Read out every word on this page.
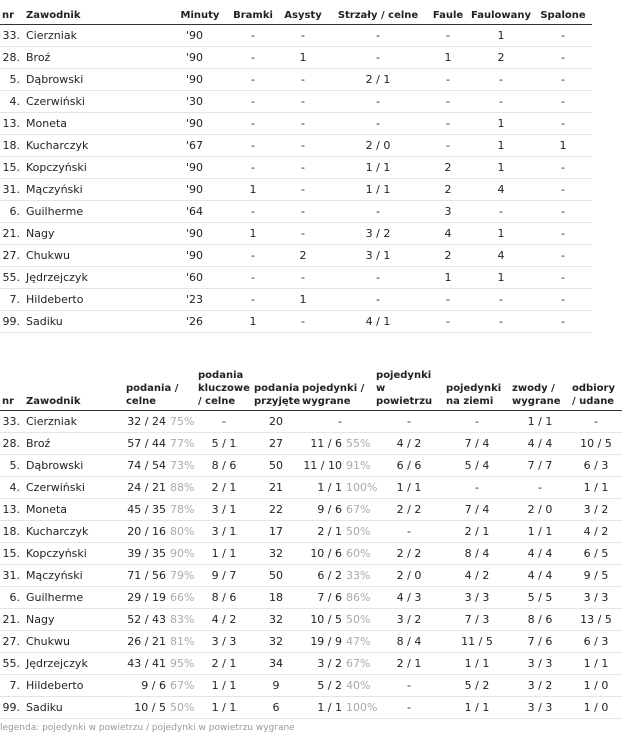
nr	Zawodnik	Minuty	Bramki	Asysty	Strzały / celne	Faule	Faulowany	Spalone
33.	Cierzniak	'90	-	-	-	-	1	-
28.	Broź	'90	-	1	-	1	2	-
5.	Dąbrowski	'90	-	-	2 / 1	-	-	-
4.	Czerwiński	'30	-	-	-	-	-	-
13.	Moneta	'90	-	-	-	-	1	-
18.	Kucharczyk	'67	-	-	2 / 0	-	1	1
15.	Kopczyński	'90	-	-	1 / 1	2	1	-
31.	Mączyński	'90	1	-	1 / 1	2	4	-
6.	Guilherme	'64	-	-	-	3	-	-
21.	Nagy	'90	1	-	3 / 2	4	1	-
27.	Chukwu	'90	-	2	3 / 1	2	4	-
55.	Jędrzejczyk	'60	-	-	-	1	1	-
7.	Hildeberto	'23	-	1	-	-	-	-
99.	Sadiku	'26	1	-	4 / 1	-	-	-
nr	Zawodnik	podania / celne		podania kluczowe / celne	podania przyjęte	pojedynki / wygrane		pojedynki w powietrzu	pojedynki na ziemi	zwody / wygrane	odbiory / udane
33.	Cierzniak	32 / 24	75%	-	20	-		-	-	1 / 1	-
28.	Broź	57 / 44	77%	5 / 1	27	11 / 6	55%	4 / 2	7 / 4	4 / 4	10 / 5
5.	Dąbrowski	74 / 54	73%	8 / 6	50	11 / 10	91%	6 / 6	5 / 4	7 / 7	6 / 3
4.	Czerwiński	24 / 21	88%	2 / 1	21	1 / 1	100%	1 / 1	-	-	1 / 1
13.	Moneta	45 / 35	78%	3 / 1	22	9 / 6	67%	2 / 2	7 / 4	2 / 0	3 / 2
18.	Kucharczyk	20 / 16	80%	3 / 1	17	2 / 1	50%	-	2 / 1	1 / 1	4 / 2
15.	Kopczyński	39 / 35	90%	1 / 1	32	10 / 6	60%	2 / 2	8 / 4	4 / 4	6 / 5
31.	Mączyński	71 / 56	79%	9 / 7	50	6 / 2	33%	2 / 0	4 / 2	4 / 4	9 / 5
6.	Guilherme	29 / 19	66%	8 / 6	18	7 / 6	86%	4 / 3	3 / 3	5 / 5	3 / 3
21.	Nagy	52 / 43	83%	4 / 2	32	10 / 5	50%	3 / 2	7 / 3	8 / 6	13 / 5
27.	Chukwu	26 / 21	81%	3 / 3	32	19 / 9	47%	8 / 4	11 / 5	7 / 6	6 / 3
55.	Jędrzejczyk	43 / 41	95%	2 / 1	34	3 / 2	67%	2 / 1	1 / 1	3 / 3	1 / 1
7.	Hildeberto	9 / 6	67%	1 / 1	9	5 / 2	40%	-	5 / 2	3 / 2	1 / 0
99.	Sadiku	10 / 5	50%	1 / 1	6	1 / 1	100%	-	1 / 1	3 / 3	1 / 0
legenda: pojedynki w powietrzu / pojedynki w powietrzu wygrane
